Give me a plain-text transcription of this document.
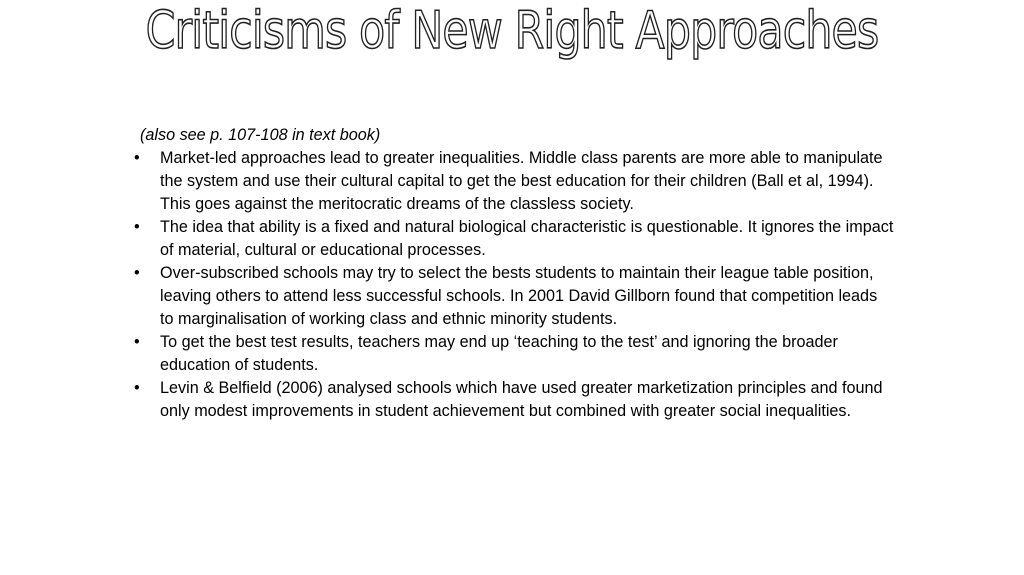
Criticisms of New Right Approaches

(also see p. 107-108 in text book)

• Market-led approaches lead to greater inequalities. Middle class parents are more able to manipulate the system and use their cultural capital to get the best education for their children (Ball et al, 1994). This goes against the meritocratic dreams of the classless society.
• The idea that ability is a fixed and natural biological characteristic is questionable. It ignores the impact of material, cultural or educational processes.
• Over-subscribed schools may try to select the bests students to maintain their league table position, leaving others to attend less successful schools. In 2001 David Gillborn found that competition leads to marginalisation of working class and ethnic minority students.
• To get the best test results, teachers may end up ‘teaching to the test’ and ignoring the broader education of students.
• Levin & Belfield (2006) analysed schools which have used greater marketization principles and found only modest improvements in student achievement but combined with greater social inequalities.
